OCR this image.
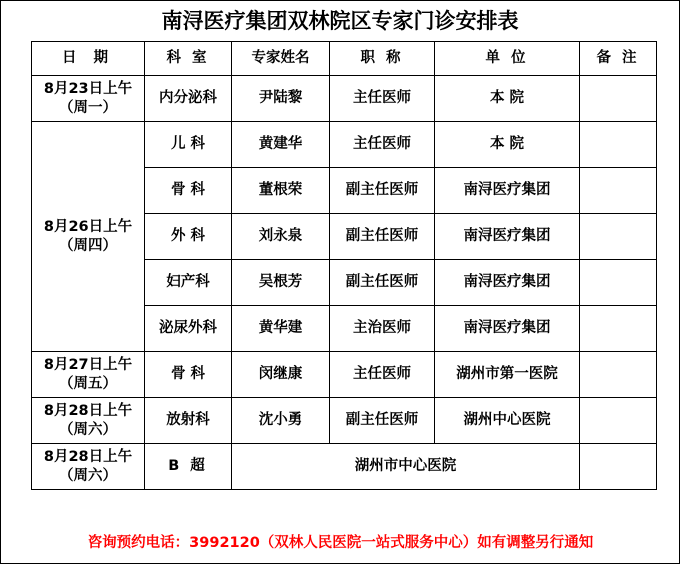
南浔医疗集团双林院区专家门诊安排表
日 期	科 室	专家姓名	职 称	单 位	备 注
8月23日上午
（周一）	内分泌科	尹陆黎	主任医师	本 院	
8月26日上午
（周四）	儿 科	黄建华	主任医师	本 院	
	骨 科	董根荣	副主任医师	南浔医疗集团	
	外 科	刘永泉	副主任医师	南浔医疗集团	
	妇产科	吴根芳	副主任医师	南浔医疗集团	
	泌尿外科	黄华建	主治医师	南浔医疗集团	
8月27日上午
（周五）	骨 科	闵继康	主任医师	湖州市第一医院	
8月28日上午
（周六）	放射科	沈小勇	副主任医师	湖州中心医院	
8月28日上午
（周六）	B 超	湖州市中心医院			
咨询预约电话：3992120（双林人民医院一站式服务中心）如有调整另行通知
